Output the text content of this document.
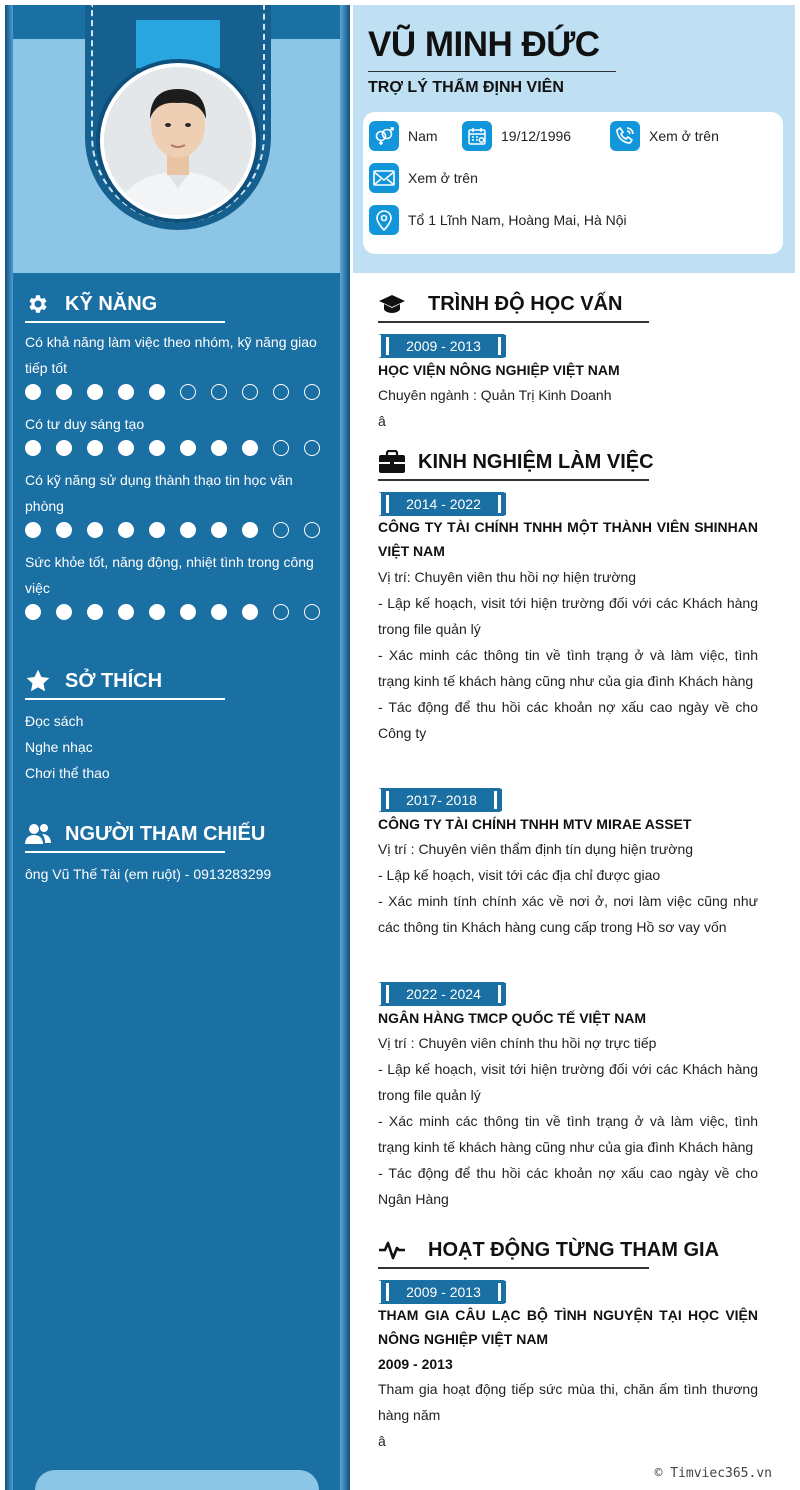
KỸ NĂNG
Có khả năng làm việc theo nhóm, kỹ năng giao tiếp tốt
Có tư duy sáng tạo
Có kỹ năng sử dụng thành thạo tin học văn phòng
Sức khỏe tốt, năng động, nhiệt tình trong công việc
SỞ THÍCH
Đọc sách
Nghe nhạc
Chơi thể thao
NGƯỜI THAM CHIẾU
ông Vũ Thế Tài (em ruột) - 0913283299
VŨ MINH ĐỨC
TRỢ LÝ THẨM ĐỊNH VIÊN
Nam	19/12/1996	Xem ở trên
Xem ở trên
Tổ 1 Lĩnh Nam, Hoàng Mai, Hà Nội
TRÌNH ĐỘ HỌC VẤN
2009 - 2013
HỌC VIỆN NÔNG NGHIỆP VIỆT NAM
Chuyên ngành : Quản Trị Kinh Doanh
â
KINH NGHIỆM LÀM VIỆC
2014 - 2022
CÔNG TY TÀI CHÍNH TNHH MỘT THÀNH VIÊN SHINHAN VIỆT NAM
Vị trí: Chuyên viên thu hồi nợ hiện trường
- Lập kế hoạch, visit tới hiện trường đối với các Khách hàng trong file quản lý
- Xác minh các thông tin về tình trạng ở và làm việc, tình trạng kinh tế khách hàng cũng như của gia đình Khách hàng
- Tác động để thu hồi các khoản nợ xấu cao ngày về cho Công ty
2017- 2018
CÔNG TY TÀI CHÍNH TNHH MTV MIRAE ASSET
Vị trí : Chuyên viên thẩm định tín dụng hiện trường
- Lập kế hoạch, visit tới các địa chỉ được giao
- Xác minh tính chính xác về nơi ở, nơi làm việc cũng như các thông tin Khách hàng cung cấp trong Hồ sơ vay vốn
2022 - 2024
NGÂN HÀNG TMCP QUỐC TẾ VIỆT NAM
Vị trí : Chuyên viên chính thu hồi nợ trực tiếp
- Lập kế hoạch, visit tới hiện trường đối với các Khách hàng trong file quản lý
- Xác minh các thông tin về tình trạng ở và làm việc, tình trạng kinh tế khách hàng cũng như của gia đình Khách hàng
- Tác động để thu hồi các khoản nợ xấu cao ngày về cho Ngân Hàng
HOẠT ĐỘNG TỪNG THAM GIA
2009 - 2013
THAM GIA CÂU LẠC BỘ TÌNH NGUYỆN TẠI HỌC VIỆN NÔNG NGHIỆP VIỆT NAM
2009 - 2013
Tham gia hoạt động tiếp sức mùa thi, chăn ấm tình thương hàng năm
â
© Timviec365.vn
